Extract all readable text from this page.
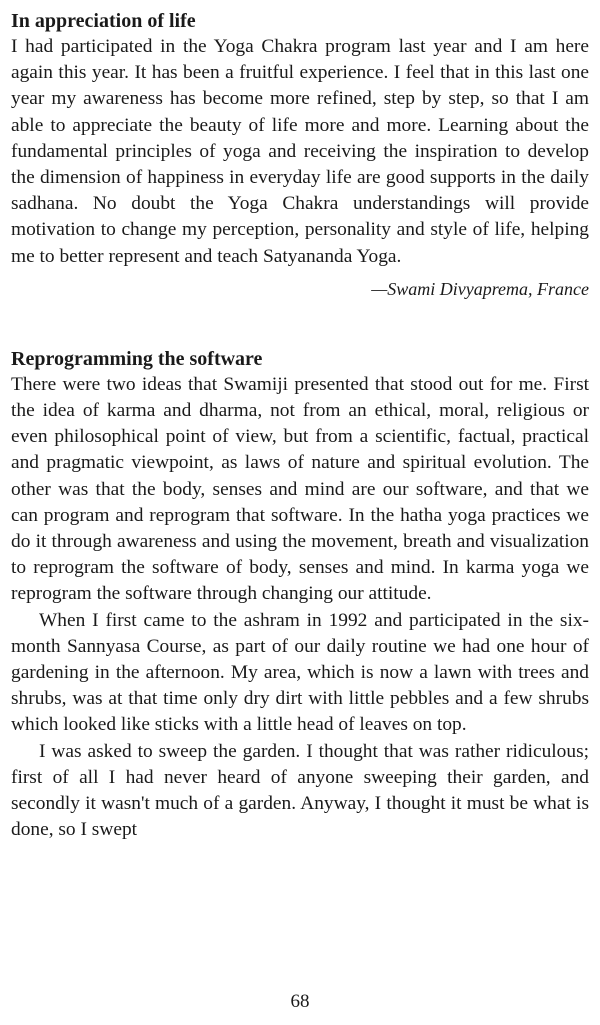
In appreciation of life

I had participated in the Yoga Chakra program last year and I am here again this year. It has been a fruitful experience. I feel that in this last one year my awareness has become more refined, step by step, so that I am able to appreciate the beauty of life more and more. Learning about the fundamental principles of yoga and receiving the inspiration to develop the dimension of happiness in everyday life are good supports in the daily sadhana. No doubt the Yoga Chakra understandings will provide motivation to change my perception, personality and style of life, helping me to better represent and teach Satyananda Yoga.

—Swami Divyaprema, France

Reprogramming the software

There were two ideas that Swamiji presented that stood out for me. First the idea of karma and dharma, not from an ethical, moral, religious or even philosophical point of view, but from a scientific, factual, practical and pragmatic viewpoint, as laws of nature and spiritual evolution. The other was that the body, senses and mind are our software, and that we can program and reprogram that software. In the hatha yoga practices we do it through awareness and using the movement, breath and visualization to reprogram the software of body, senses and mind. In karma yoga we reprogram the software through changing our attitude.

When I first came to the ashram in 1992 and participated in the six-month Sannyasa Course, as part of our daily routine we had one hour of gardening in the afternoon. My area, which is now a lawn with trees and shrubs, was at that time only dry dirt with little pebbles and a few shrubs which looked like sticks with a little head of leaves on top.

I was asked to sweep the garden. I thought that was rather ridiculous; first of all I had never heard of anyone sweeping their garden, and secondly it wasn't much of a garden. Anyway, I thought it must be what is done, so I swept

68
